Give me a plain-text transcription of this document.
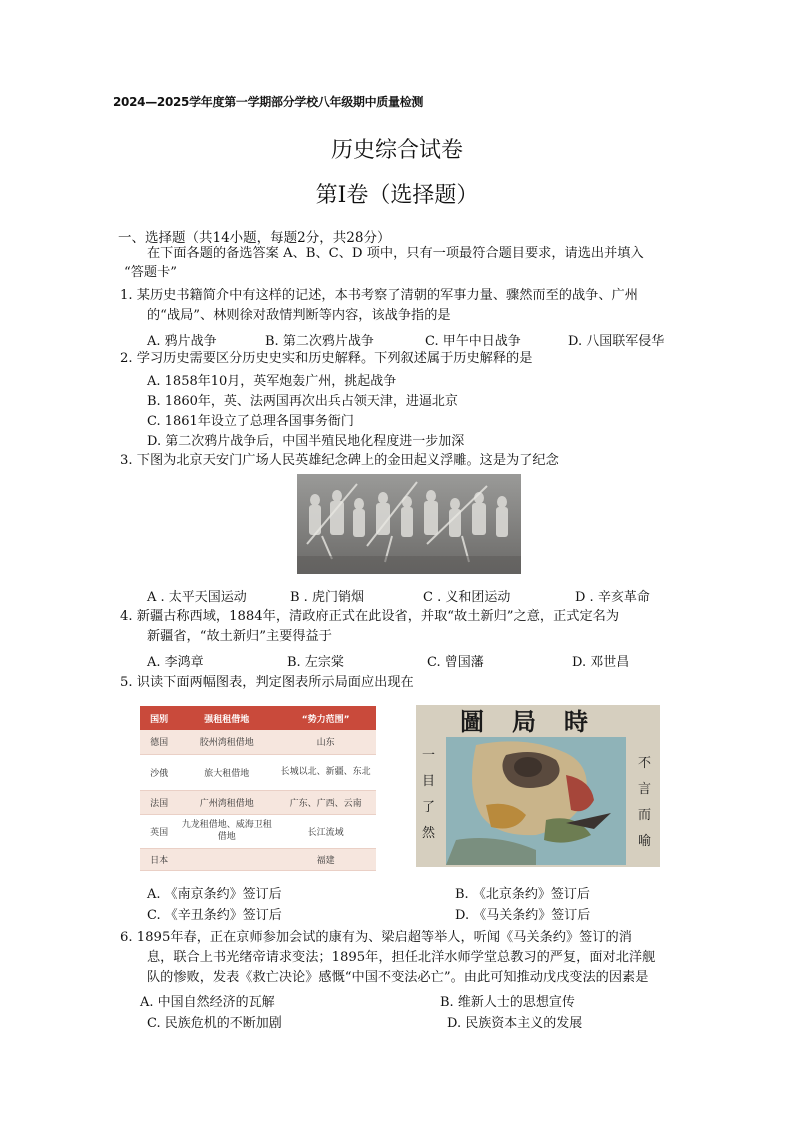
2024—2025学年度第一学期部分学校八年级期中质量检测
历史综合试卷
第Ⅰ卷（选择题）
一、选择题（共14小题，每题2分，共28分）
在下面各题的备选答案 A、B、C、D 项中，只有一项最符合题目要求，请选出并填入
“答题卡”
1. 某历史书籍简介中有这样的记述，本书考察了清朝的军事力量、骤然而至的战争、广州
的“战局”、林则徐对敌情判断等内容，该战争指的是
A. 鸦片战争	B. 第二次鸦片战争	C. 甲午中日战争	D. 八国联军侵华
2. 学习历史需要区分历史史实和历史解释。下列叙述属于历史解释的是
A. 1858年10月，英军炮轰广州，挑起战争
B. 1860年，英、法两国再次出兵占领天津，进逼北京
C. 1861年设立了总理各国事务衙门
D. 第二次鸦片战争后，中国半殖民地化程度进一步加深
3. 下图为北京天安门广场人民英雄纪念碑上的金田起义浮雕。这是为了纪念
A . 太平天国运动	B . 虎门销烟	C . 义和团运动	D . 辛亥革命
4. 新疆古称西域，1884年，清政府正式在此设省，并取“故土新归”之意，正式定名为
新疆省，“故土新归”主要得益于
A. 李鸿章	B. 左宗棠	C. 曾国藩	D. 邓世昌
5. 识读下面两幅图表，判定图表所示局面应出现在
国别	强租租借地	“势力范围”
德国	胶州湾租借地	山东
沙俄	旅大租借地	长城以北、新疆、东北
法国	广州湾租借地	广东、广西、云南
英国	九龙租借地、威海卫租借地	长江流域
日本		福建
圖局時
一目了然
不言而喻
A. 《南京条约》签订后	B. 《北京条约》签订后
C. 《辛丑条约》签订后	D. 《马关条约》签订后
6. 1895年春，正在京师参加会试的康有为、梁启超等举人，听闻《马关条约》签订的消
息，联合上书光绪帝请求变法；1895年，担任北洋水师学堂总教习的严复，面对北洋舰
队的惨败，发表《救亡决论》感慨“中国不变法必亡”。由此可知推动戊戌变法的因素是
A. 中国自然经济的瓦解	B. 维新人士的思想宣传
C. 民族危机的不断加剧	D. 民族资本主义的发展
